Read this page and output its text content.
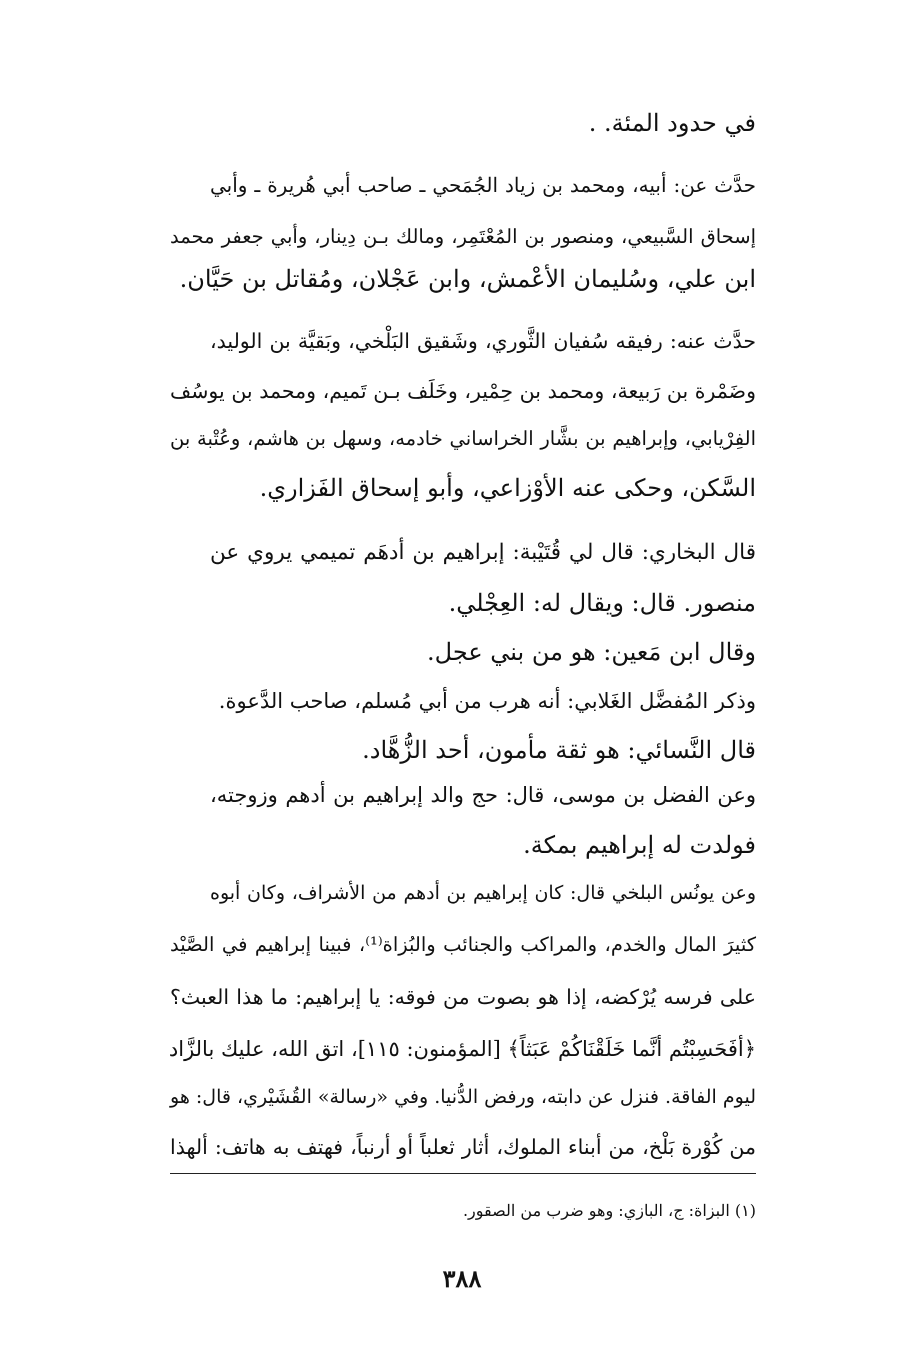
في حدود المئة. .
حدَّث عن: أبيه، ومحمد بن زياد الجُمَحي ـ صاحب أبي هُريرة ـ وأبي
إسحاق السَّبيعي، ومنصور بن المُعْتَمِر، ومالك بـن دِينار، وأبي جعفر محمد
ابن علي، وسُليمان الأعْمش، وابن عَجْلان، ومُقاتل بن حَيَّان.
حدَّث عنه: رفيقه سُفيان الثَّوري، وشَقيق البَلْخي، وبَقيَّة بن الوليد،
وضَمْرة بن رَبيعة، ومحمد بن حِمْير، وخَلَف بـن تَميم، ومحمد بن يوسُف
الفِرْيابي، وإبراهيم بن بشَّار الخراساني خادمه، وسهل بن هاشم، وعُتْبة بن
السَّكن، وحكى عنه الأوْزاعي، وأبو إسحاق الفَزاري.
قال البخاري: قال لي قُتَيْبة: إبراهيم بن أدهَم تميمي يروي عن
منصور. قال: ويقال له: العِجْلي.
وقال ابن مَعين: هو من بني عجل.
وذكر المُفضَّل الغَلابي: أنه هرب من أبي مُسلم، صاحب الدَّعوة.
قال النَّسائي: هو ثقة مأمون، أحد الزُّهَّاد.
وعن الفضل بن موسى، قال: حج والد إبراهيم بن أدهم وزوجته،
فولدت له إبراهيم بمكة.
وعن يونُس البلخي قال: كان إبراهيم بن أدهم من الأشراف، وكان أبوه
كثيرَ المال والخدم، والمراكب والجنائب والبُزاة⁽¹⁾، فبينا إبراهيم في الصَّيْد
على فرسه يُرْكضه، إذا هو بصوت من فوقه: يا إبراهيم: ما هذا العبث؟
﴿أفَحَسِبْتُم أنَّما خَلَقْنَاكُمْ عَبَثاً﴾ [المؤمنون: ١١٥]، اتق الله، عليك بالزَّاد
ليوم الفاقة. فنزل عن دابته، ورفض الدُّنيا. وفي «رسالة» القُشَيْري، قال: هو
من كُوْرة بَلْخ، من أبناء الملوك، أثار ثعلباً أو أرنباً، فهتف به هاتف: ألهذا
(١) البزاة: ج، البازي: وهو ضرب من الصقور.
٣٨٨
